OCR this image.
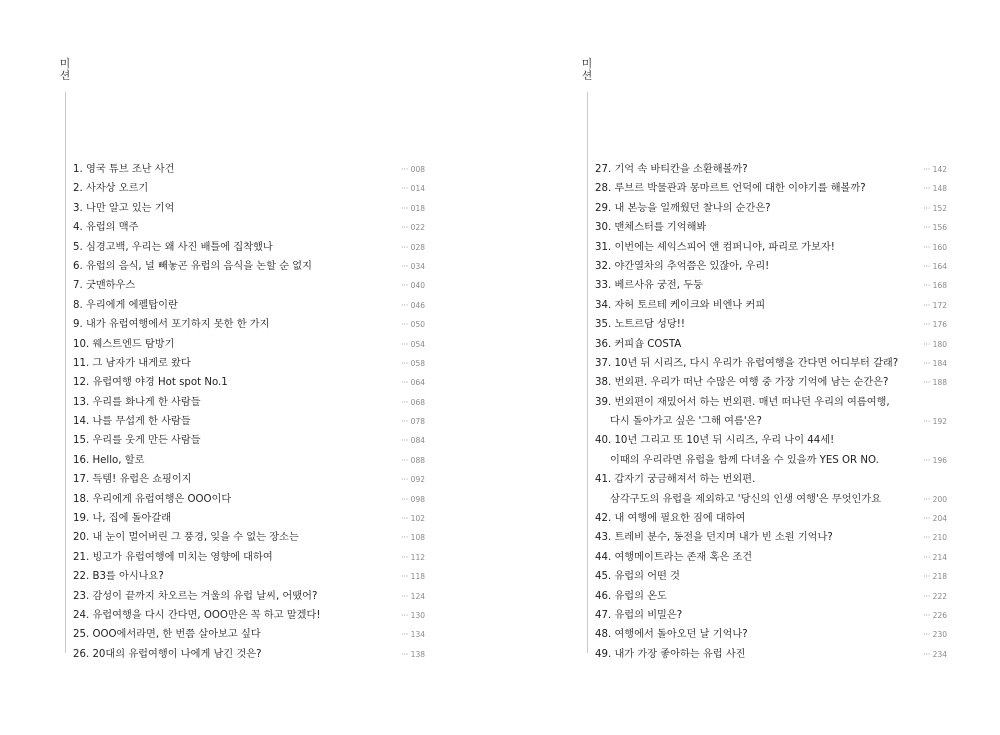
미션
1. 영국 튜브 조난 사건	··· 008
2. 사자상 오르기	··· 014
3. 나만 알고 있는 기억	··· 018
4. 유럽의 맥주	··· 022
5. 심경고백, 우리는 왜 사진 배틀에 집착했나	··· 028
6. 유럽의 음식, 널 빼놓곤 유럽의 음식을 논할 순 없지	··· 034
7. 굿맨하우스	··· 040
8. 우리에게 에펠탑이란	··· 046
9. 내가 유럽여행에서 포기하지 못한 한 가지	··· 050
10. 웨스트엔드 탐방기	··· 054
11. 그 남자가 내게로 왔다	··· 058
12. 유럽여행 야경 Hot spot No.1	··· 064
13. 우리를 화나게 한 사람들	··· 068
14. 나를 무섭게 한 사람들	··· 078
15. 우리를 웃게 만든 사람들	··· 084
16. Hello, 할로	··· 088
17. 득템! 유럽은 쇼핑이지	··· 092
18. 우리에게 유럽여행은 OOO이다	··· 098
19. 나, 집에 돌아갈래	··· 102
20. 내 눈이 멀어버린 그 풍경, 잊을 수 없는 장소는	··· 108
21. 빙고가 유럽여행에 미치는 영향에 대하여	··· 112
22. B3를 아시나요?	··· 118
23. 감성이 끝까지 차오르는 겨울의 유럽 날씨, 어땠어?	··· 124
24. 유럽여행을 다시 간다면, OOO만은 꼭 하고 말겠다!	··· 130
25. OOO에서라면, 한 번쯤 살아보고 싶다	··· 134
26. 20대의 유럽여행이 나에게 남긴 것은?	··· 138
미션
27. 기억 속 바티칸을 소환해볼까?	··· 142
28. 루브르 박물관과 몽마르트 언덕에 대한 이야기를 해볼까?	··· 148
29. 내 본능을 일깨웠던 찰나의 순간은?	··· 152
30. 맨체스터를 기억해봐	··· 156
31. 이번에는 셰익스피어 앤 컴퍼니야, 파리로 가보자!	··· 160
32. 야간열차의 추억쯤은 있잖아, 우리!	··· 164
33. 베르사유 궁전, 두둥	··· 168
34. 자허 토르테 케이크와 비엔나 커피	··· 172
35. 노트르담 성당!!	··· 176
36. 커피숍 COSTA	··· 180
37. 10년 뒤 시리즈, 다시 우리가 유럽여행을 간다면 어디부터 갈래?	··· 184
38. 번외편. 우리가 떠난 수많은 여행 중 가장 기억에 남는 순간은?	··· 188
39. 번외편이 재밌어서 하는 번외편. 매년 떠나던 우리의 여름여행,
다시 돌아가고 싶은 '그해 여름'은?	··· 192
40. 10년 그리고 또 10년 뒤 시리즈, 우리 나이 44세!
이때의 우리라면 유럽을 함께 다녀올 수 있을까 YES OR NO.	··· 196
41. 갑자기 궁금해져서 하는 번외편.
삼각구도의 유럽을 제외하고 '당신의 인생 여행'은 무엇인가요	··· 200
42. 내 여행에 필요한 짐에 대하여	··· 204
43. 트레비 분수, 동전을 던지며 내가 빈 소원 기억나?	··· 210
44. 여행메이트라는 존재 혹은 조건	··· 214
45. 유럽의 어떤 것	··· 218
46. 유럽의 온도	··· 222
47. 유럽의 비밀은?	··· 226
48. 여행에서 돌아오던 날 기억나?	··· 230
49. 내가 가장 좋아하는 유럽 사진	··· 234
